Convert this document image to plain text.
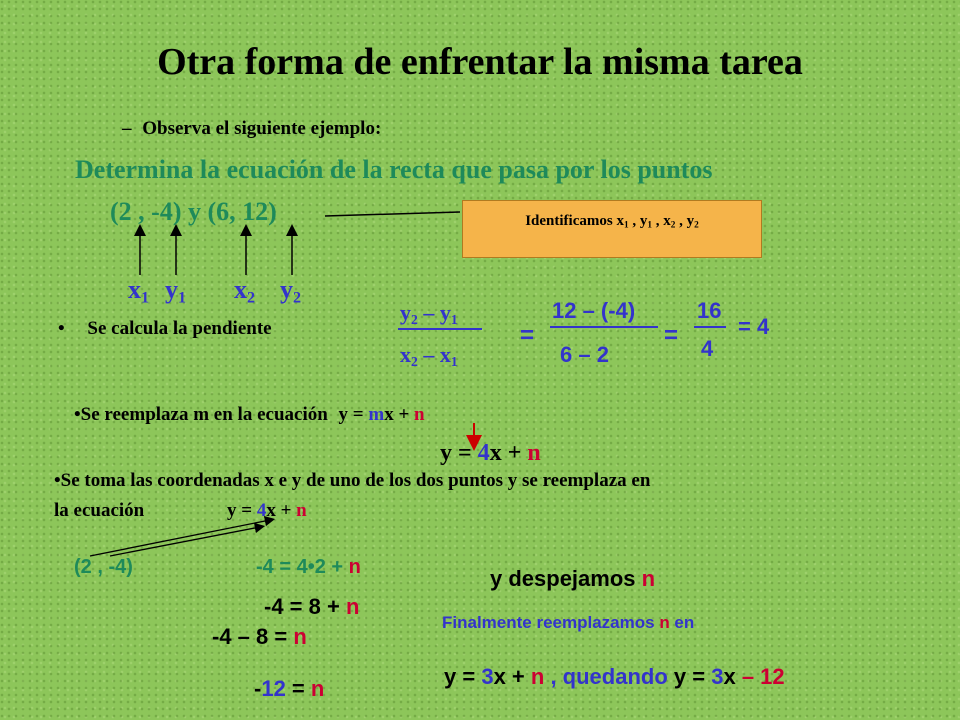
Otra forma de enfrentar la misma tarea
– Observa el siguiente ejemplo:
Determina la ecuación de la recta que pasa por los puntos
(2 , -4) y (6, 12)	Identificamos $x_1$ , $y_1$ , $x_2$ , $y_2$
$x_1$ $y_1$ $x_2$ $y_2$
• Se calcula la pendiente
$y_2 - y_1$
$x_2 - x_1$
=
12 – (-4)
6 – 2
=
16
4
= 4
•Se reemplaza m en la ecuación y = mx + n
y = 4x + n
•Se toma las coordenadas x e y de uno de los dos puntos y se reemplaza en
la ecuación	y = 4x + n
(2 , -4)	-4 = 4•2 + n	y despejamos n
-4 = 8 + n
-4 – 8 = n
-12 = n
Finalmente reemplazamos n en
y = 3x + n , quedando y = 3x – 12
